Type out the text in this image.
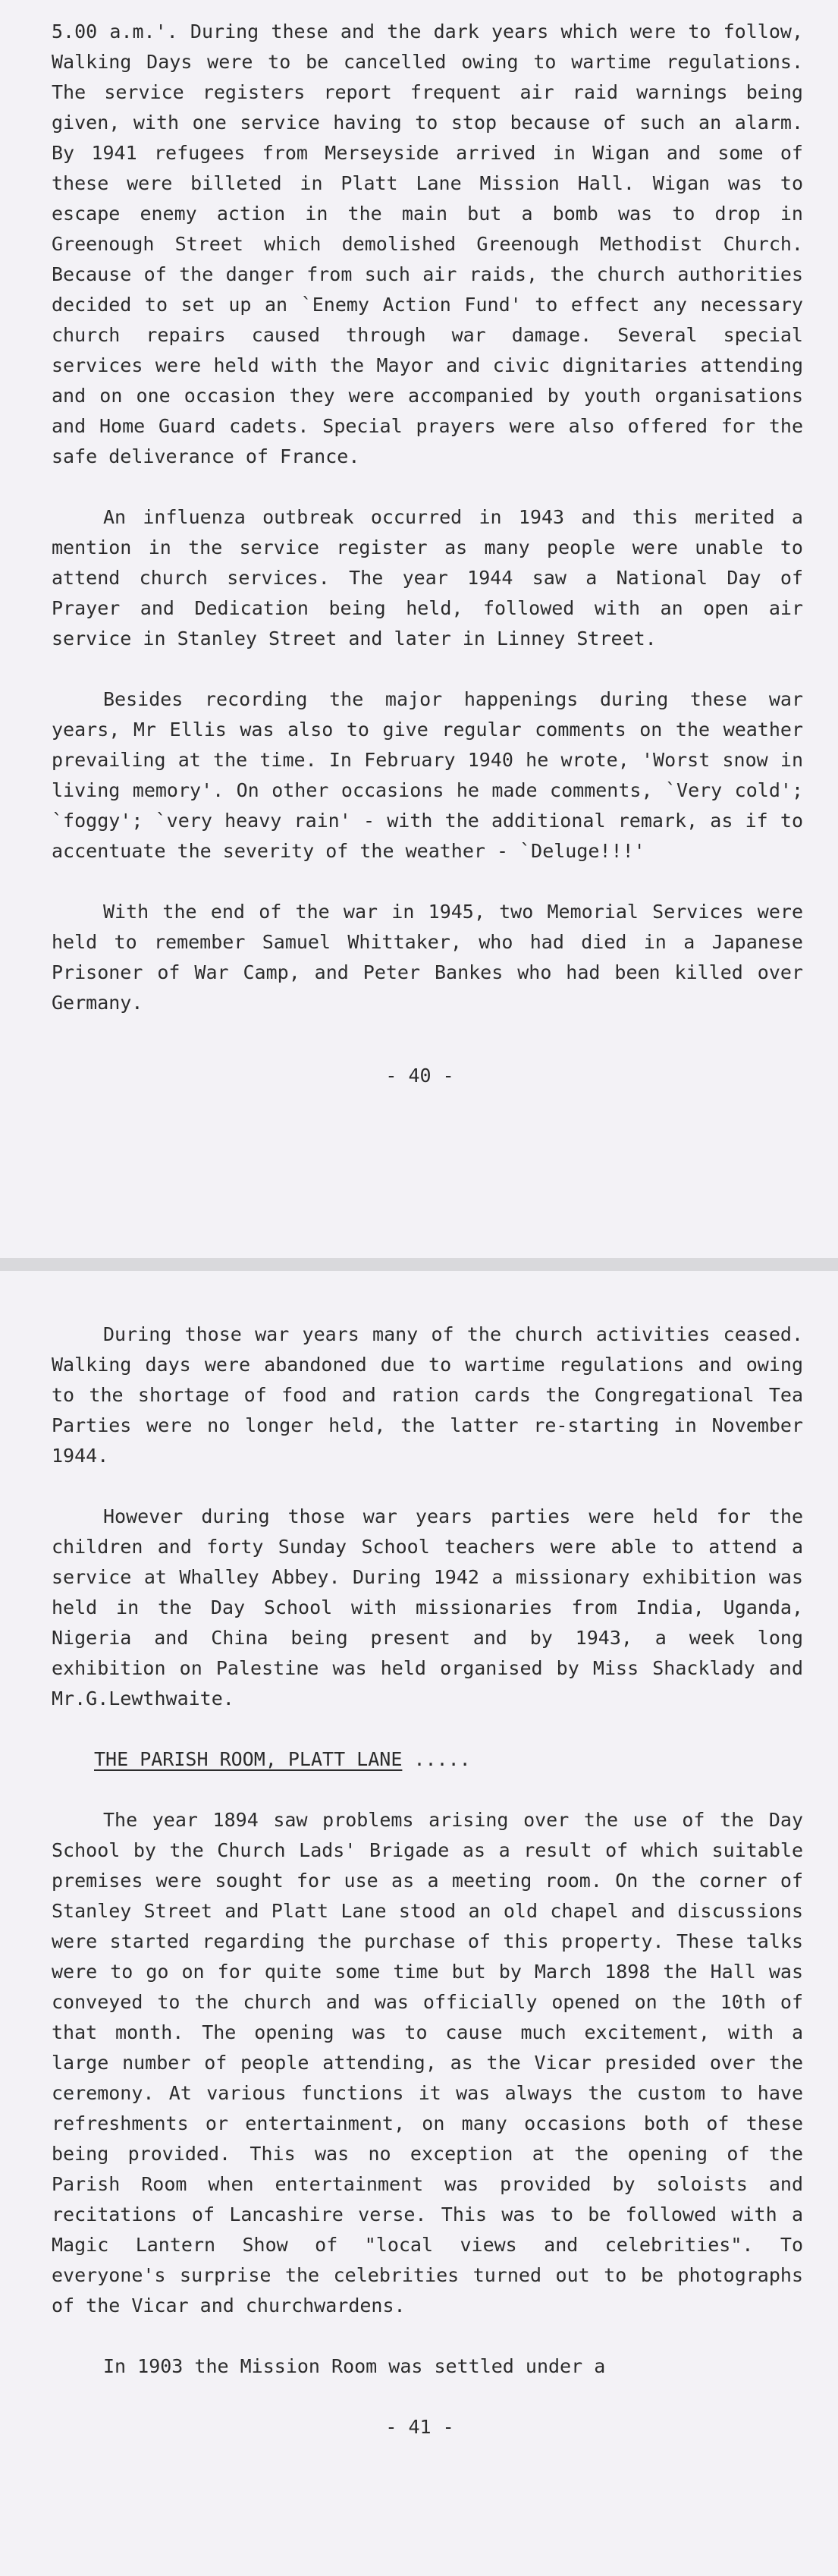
5.00 a.m.'. During these and the dark years which were to follow, Walking Days were to be cancelled owing to wartime regulations. The service registers report frequent air raid warnings being given, with one service having to stop because of such an alarm. By 1941 refugees from Merseyside arrived in Wigan and some of these were billeted in Platt Lane Mission Hall. Wigan was to escape enemy action in the main but a bomb was to drop in Greenough Street which demolished Greenough Methodist Church. Because of the danger from such air raids, the church authorities decided to set up an `Enemy Action Fund' to effect any necessary church repairs caused through war damage. Several special services were held with the Mayor and civic dignitaries attending and on one occasion they were accompanied by youth organisations and Home Guard cadets. Special prayers were also offered for the safe deliverance of France.

An influenza outbreak occurred in 1943 and this merited a mention in the service register as many people were unable to attend church services. The year 1944 saw a National Day of Prayer and Dedication being held, followed with an open air service in Stanley Street and later in Linney Street.

Besides recording the major happenings during these war years, Mr Ellis was also to give regular comments on the weather prevailing at the time. In February 1940 he wrote, 'Worst snow in living memory'. On other occasions he made comments, `Very cold'; `foggy'; `very heavy rain' - with the additional remark, as if to accentuate the severity of the weather - `Deluge!!!'

With the end of the war in 1945, two Memorial Services were held to remember Samuel Whittaker, who had died in a Japanese Prisoner of War Camp, and Peter Bankes who had been killed over Germany.

- 40 -

During those war years many of the church activities ceased. Walking days were abandoned due to wartime regulations and owing to the shortage of food and ration cards the Congregational Tea Parties were no longer held, the latter re-starting in November 1944.

However during those war years parties were held for the children and forty Sunday School teachers were able to attend a service at Whalley Abbey. During 1942 a missionary exhibition was held in the Day School with missionaries from India, Uganda, Nigeria and China being present and by 1943, a week long exhibition on Palestine was held organised by Miss Shacklady and Mr.G.Lewthwaite.

THE PARISH ROOM, PLATT LANE .....

The year 1894 saw problems arising over the use of the Day School by the Church Lads' Brigade as a result of which suitable premises were sought for use as a meeting room. On the corner of Stanley Street and Platt Lane stood an old chapel and discussions were started regarding the purchase of this property. These talks were to go on for quite some time but by March 1898 the Hall was conveyed to the church and was officially opened on the 10th of that month. The opening was to cause much excitement, with a large number of people attending, as the Vicar presided over the ceremony. At various functions it was always the custom to have refreshments or entertainment, on many occasions both of these being provided. This was no exception at the opening of the Parish Room when entertainment was provided by soloists and recitations of Lancashire verse. This was to be followed with a Magic Lantern Show of "local views and celebrities". To everyone's surprise the celebrities turned out to be photographs of the Vicar and churchwardens.

In 1903 the Mission Room was settled under a

- 41 -
